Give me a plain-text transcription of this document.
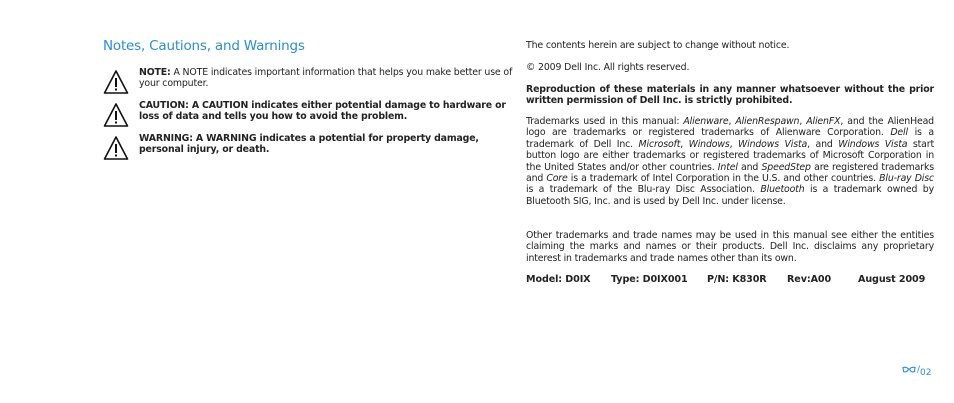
Notes, Cautions, and Warnings
NOTE: A NOTE indicates important information that helps you make better use of your computer.
CAUTION: A CAUTION indicates either potential damage to hardware or loss of data and tells you how to avoid the problem.
WARNING: A WARNING indicates a potential for property damage, personal injury, or death.
The contents herein are subject to change without notice.
© 2009 Dell Inc. All rights reserved.
Reproduction of these materials in any manner whatsoever without the prior written permission of Dell Inc. is strictly prohibited.
Trademarks used in this manual: Alienware, AlienRespawn, AlienFX, and the AlienHead logo are trademarks or registered trademarks of Alienware Corporation. Dell is a trademark of Dell Inc. Microsoft, Windows, Windows Vista, and Windows Vista start button logo are either trademarks or registered trademarks of Microsoft Corporation in the United States and/or other countries. Intel and SpeedStep are registered trademarks and Core is a trademark of Intel Corporation in the U.S. and other countries. Blu-ray Disc is a trademark of the Blu-ray Disc Association. Bluetooth is a trademark owned by Bluetooth SIG, Inc. and is used by Dell Inc. under license.
Other trademarks and trade names may be used in this manual see either the entities claiming the marks and names or their products. Dell Inc. disclaims any proprietary interest in trademarks and trade names other than its own.
Model: D0IX Type: D0IX001 P/N: K830R Rev:A00	August 2009
/ 02
